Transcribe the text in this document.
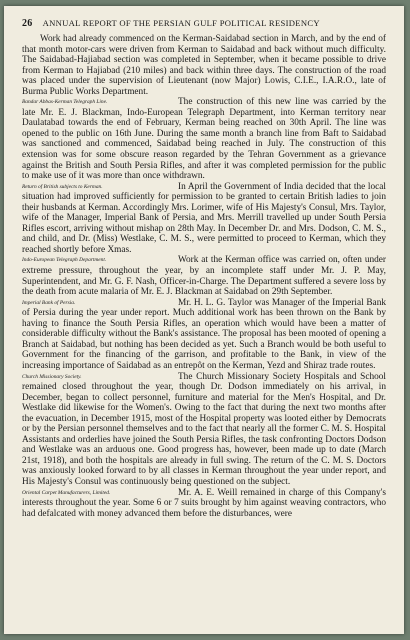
26 ANNUAL REPORT OF THE PERSIAN GULF POLITICAL RESIDENCY

Work had already commenced on the Kerman-Saidabad section in March, and by the end of that month motor-cars were driven from Kerman to Saidabad and back without much difficulty. The Saidabad-Hajiabad section was completed in September, when it became possible to drive from Kerman to Hajiabad (210 miles) and back within three days. The construction of the road was placed under the supervision of Lieutenant (now Major) Lowis, C.I.E., I.A.R.O., late of Burma Public Works Department.

Bandar Abbas-Kerman Telegraph Line.	The construction of this new line was carried by the late Mr. E. J. Blackman, Indo-European Telegraph Department, into Kerman territory near Daulatabad towards the end of February, Kerman being reached on 30th April. The line was opened to the public on 16th June. During the same month a branch line from Baft to Saidabad was sanctioned and commenced, Saidabad being reached in July. The construction of this extension was for some obscure reason regarded by the Tehran Government as a grievance against the British and South Persia Rifles, and after it was completed permission for the public to make use of it was more than once withdrawn.

Return of British subjects to Kerman.	In April the Government of India decided that the local situation had improved sufficiently for permission to be granted to certain British ladies to join their husbands at Kerman. Accordingly Mrs. Lorimer, wife of His Majesty's Consul, Mrs. Taylor, wife of the Manager, Imperial Bank of Persia, and Mrs. Merrill travelled up under South Persia Rifles escort, arriving without mishap on 28th May. In December Dr. and Mrs. Dodson, C. M. S., and child, and Dr. (Miss) Westlake, C. M. S., were permitted to proceed to Kerman, which they reached shortly before Xmas.

Indo-European Telegraph Department.	Work at the Kerman office was carried on, often under extreme pressure, throughout the year, by an incomplete staff under Mr. J. P. May, Superintendent, and Mr. G. F. Nash, Officer-in-Charge. The Department suffered a severe loss by the death from acute malaria of Mr. E. J. Blackman at Saidabad on 29th September.

Imperial Bank of Persia.	Mr. H. L. G. Taylor was Manager of the Imperial Bank of Persia during the year under report. Much additional work has been thrown on the Bank by having to finance the South Persia Rifles, an operation which would have been a matter of considerable difficulty without the Bank's assistance. The proposal has been mooted of opening a Branch at Saidabad, but nothing has been decided as yet. Such a Branch would be both useful to Government for the financing of the garrison, and profitable to the Bank, in view of the increasing importance of Saidabad as an entrepôt on the Kerman, Yezd and Shiraz trade routes.

Church Missionary Society.	The Church Missionary Society Hospitals and School remained closed throughout the year, though Dr. Dodson immediately on his arrival, in December, began to collect personnel, furniture and material for the Men's Hospital, and Dr. Westlake did likewise for the Women's. Owing to the fact that during the next two months after the evacuation, in December 1915, most of the Hospital property was looted either by Democrats or by the Persian personnel themselves and to the fact that nearly all the former C. M. S. Hospital Assistants and orderlies have joined the South Persia Rifles, the task confronting Doctors Dodson and Westlake was an arduous one. Good progress has, however, been made up to date (March 21st, 1918), and both the hospitals are already in full swing. The return of the C. M. S. Doctors was anxiously looked forward to by all classes in Kerman throughout the year under report, and His Majesty's Consul was continuously being questioned on the subject.

Oriental Carpet Manufacturers, Limited.	Mr. A. E. Weill remained in charge of this Company's interests throughout the year. Some 6 or 7 suits brought by him against weaving contractors, who had defalcated with money advanced them before the disturbances, were
